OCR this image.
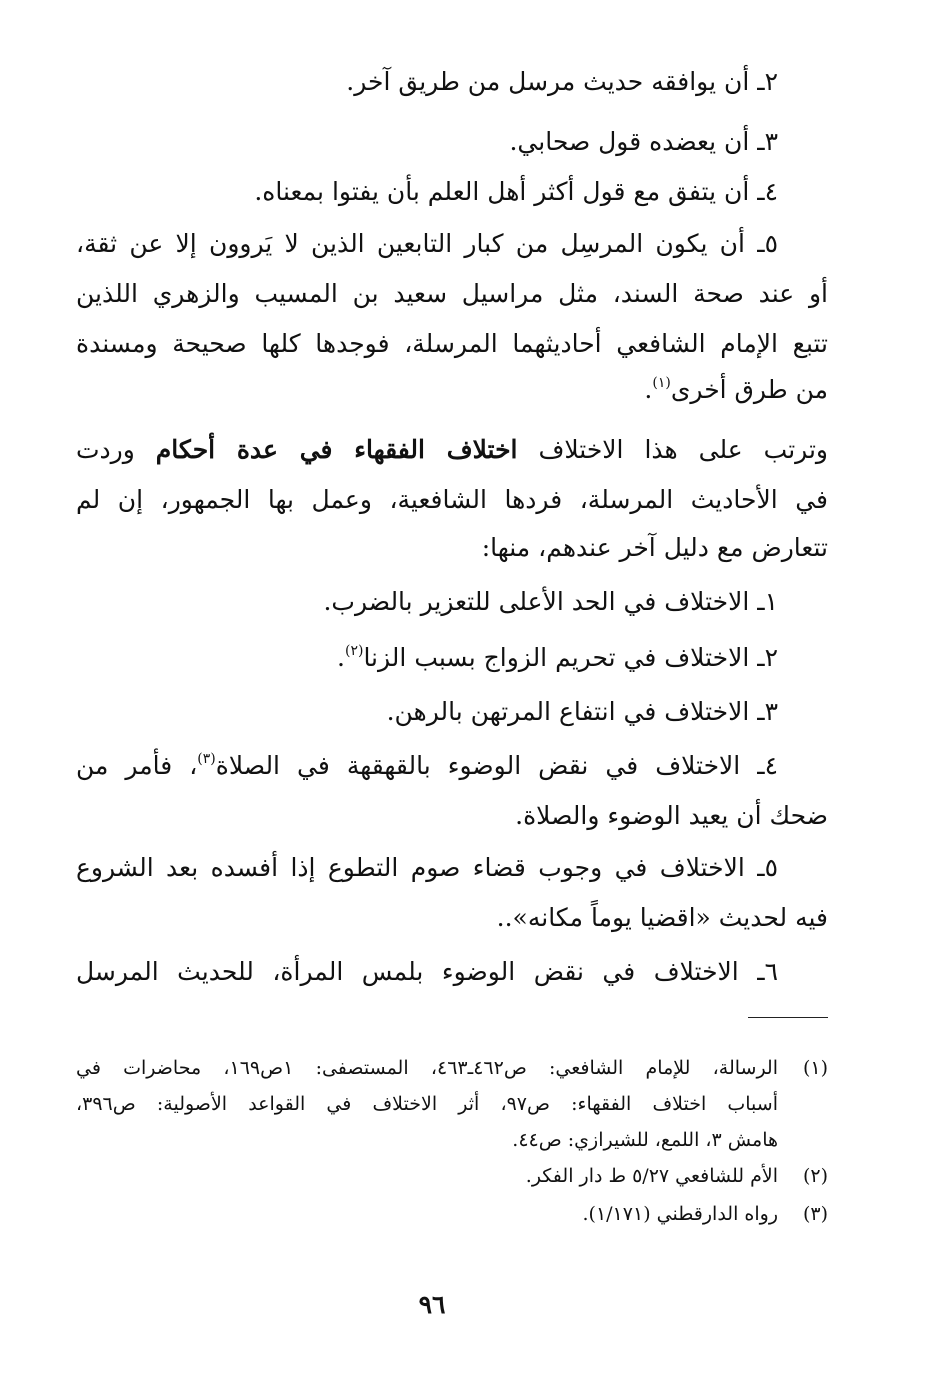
٢ـ أن يوافقه حديث مرسل من طريق آخر.
٣ـ أن يعضده قول صحابي.
٤ـ أن يتفق مع قول أكثر أهل العلم بأن يفتوا بمعناه.
٥ـ أن يكون المرسِل من كبار التابعين الذين لا يَروون إلا عن ثقة،
أو عند صحة السند، مثل مراسيل سعيد بن المسيب والزهري اللذين
تتبع الإمام الشافعي أحاديثهما المرسلة، فوجدها كلها صحيحة ومسندة
من طرق أخرى$^{(١)}$.
وترتب على هذا الاختلاف اختلاف الفقهاء في عدة أحكام وردت
في الأحاديث المرسلة، فردها الشافعية، وعمل بها الجمهور، إن لم
تتعارض مع دليل آخر عندهم، منها:
١ـ الاختلاف في الحد الأعلى للتعزير بالضرب.
٢ـ الاختلاف في تحريم الزواج بسبب الزنا$^{(٢)}$.
٣ـ الاختلاف في انتفاع المرتهن بالرهن.
٤ـ الاختلاف في نقض الوضوء بالقهقهة في الصلاة$^{(٣)}$، فأمر من
ضحك أن يعيد الوضوء والصلاة.
٥ـ الاختلاف في وجوب قضاء صوم التطوع إذا أفسده بعد الشروع
فيه لحديث «اقضيا يوماً مكانه»..
٦ـ الاختلاف في نقض الوضوء بلمس المرأة، للحديث المرسل
(١)
الرسالة، للإمام الشافعي: ص٤٦٢ـ٤٦٣، المستصفى: ١ص١٦٩، محاضرات في
أسباب اختلاف الفقهاء: ص٩٧، أثر الاختلاف في القواعد الأصولية: ص٣٩٦،
هامش ٣، اللمع، للشيرازي: ص٤٤.
(٢)
الأم للشافعي ٥/٢٧ ط دار الفكر.
(٣)
رواه الدارقطني (١/١٧١).
٩٦
